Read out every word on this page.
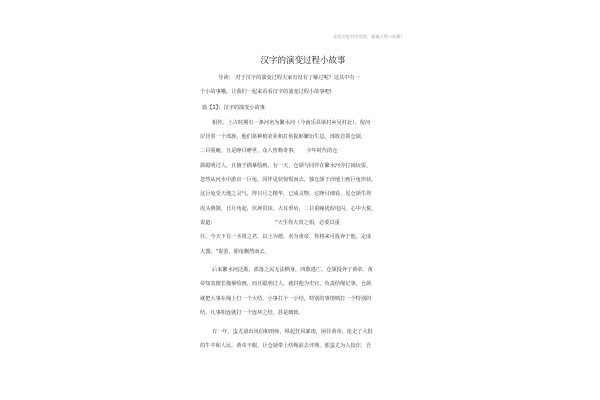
希望对您有所帮助，谢谢点赞与收藏!
汉字的演变过程小故事
导读:　对于汉字的演变过程大家有没有了解过呢？这其中有一
个小故事哦，让我们一起来看看汉字的演变过程小故事吧!
篇【1】：汉字的演变小故事
相传，上古时期有一条河名为繁水河（今南乐县梁村乡吴村北），倪河
岸居着一个部族，他们靠种植农业和打鱼捉虾繁衍生息。部族首领仓颉，
二目重瞳，且是睁目睁世，众人皆称奇事。　　少年时代的仓
颉聪明过人，且擅于描摹绘画。有一天，仓颉与同伴在繁水河旁打闹玩耍。
忽然从河水中游出一巨龟，同伴见状惊慌而去，独仓颉于沙地上画巨龟形状。
这巨龟受天地之灵气，得日月之精华，已成灵物。它睁目细看，见仓颉生得
虎头燕颔，日月角起，伏犀贯顶，大耳垂肩，二目重瞳犹似电闪，心中大悦，
说道：　　　　　　　　　　　　"天生你大贵之相，必委以重
任。今天下有一圣贤之君，以土为德，名为黄帝，你将来可投奔于他，定成
大器。"说罢，那龟飘然而去。
后来繁水河泛滥，部落之民无法栖身，四散逃亡。仓颉投奔了黄帝。黄
帝知其擅长描摹绘画，而且聪明过人，就封他为史官，负责结绳记事。仓颉
就把大事在绳上打一个大结，小事打个一小结，特别的事情则打一个特别的
结。凡事相连就打一个连环之结，甚是细致。
有一年，蚩尤请出风伯和雨师，纵起狂风暴雨，困住黄帝，抢走了大批
的牛羊和人民。黄帝不服，让仓颉带上结绳前去评理。那蚩尤为人狡诈，吾
